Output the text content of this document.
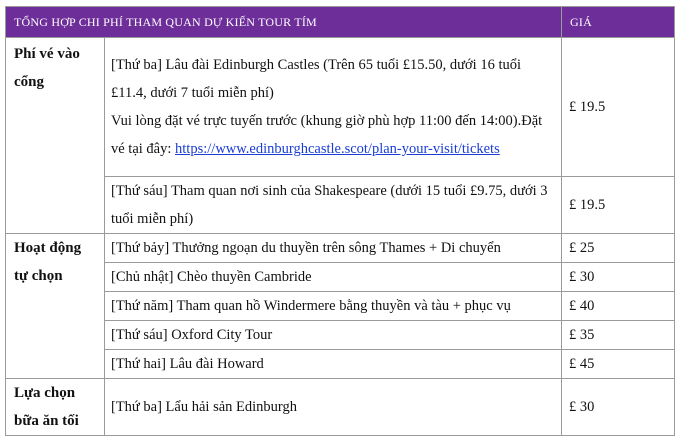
TỔNG HỢP CHI PHÍ THAM QUAN DỰ KIẾN TOUR TÍM		GIÁ
Phí vé vào cổng	[Thứ ba] Lâu đài Edinburgh Castles (Trên 65 tuổi £15.50, dưới 16 tuổi £11.4, dưới 7 tuổi miễn phí)
Vui lòng đặt vé trực tuyến trước (khung giờ phù hợp 11:00 đến 14:00).Đặt vé tại đây: https://www.edinburghcastle.scot/plan-your-visit/tickets	£ 19.5
	[Thứ sáu] Tham quan nơi sinh của Shakespeare (dưới 15 tuổi £9.75, dưới 3 tuổi miễn phí)	£ 19.5
Hoạt động tự chọn	[Thứ bảy] Thưởng ngoạn du thuyền trên sông Thames + Di chuyển	£ 25
	[Chủ nhật] Chèo thuyền Cambride	£ 30
	[Thứ năm] Tham quan hồ Windermere bằng thuyền và tàu + phục vụ	£ 40
	[Thứ sáu] Oxford City Tour	£ 35
	[Thứ hai] Lâu đài Howard	£ 45
Lựa chọn bữa ăn tối	[Thứ ba] Lẩu hải sản Edinburgh	£ 30
